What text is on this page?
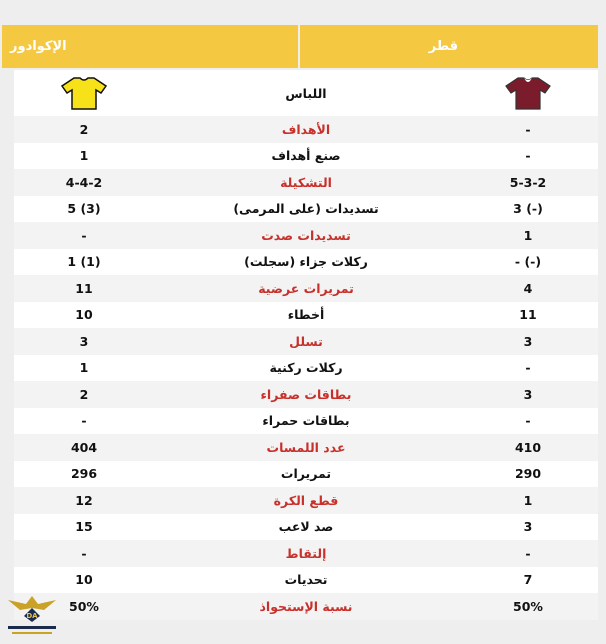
الإكوادور	قطر
اللباس
2	الأهداف	-
1	صنع أهداف	-
4-4-2	التشكيلة	5-3-2
5 (3)	تسديدات (على المرمى)	3 (-)
-	تسديدات صدت	1
1 (1)	ركلات جزاء (سجلت)	- (-)
11	تمريرات عرضية	4
10	أخطاء	11
3	تسلل	3
1	ركلات ركنية	-
2	بطاقات صفراء	3
-	بطاقات حمراء	-
404	عدد اللمسات	410
296	تمريرات	290
12	قطع الكرة	1
15	صد لاعب	3
-	إلتقاط	-
10	تحديات	7
50%	نسبة الإستحواذ	50%
DA
